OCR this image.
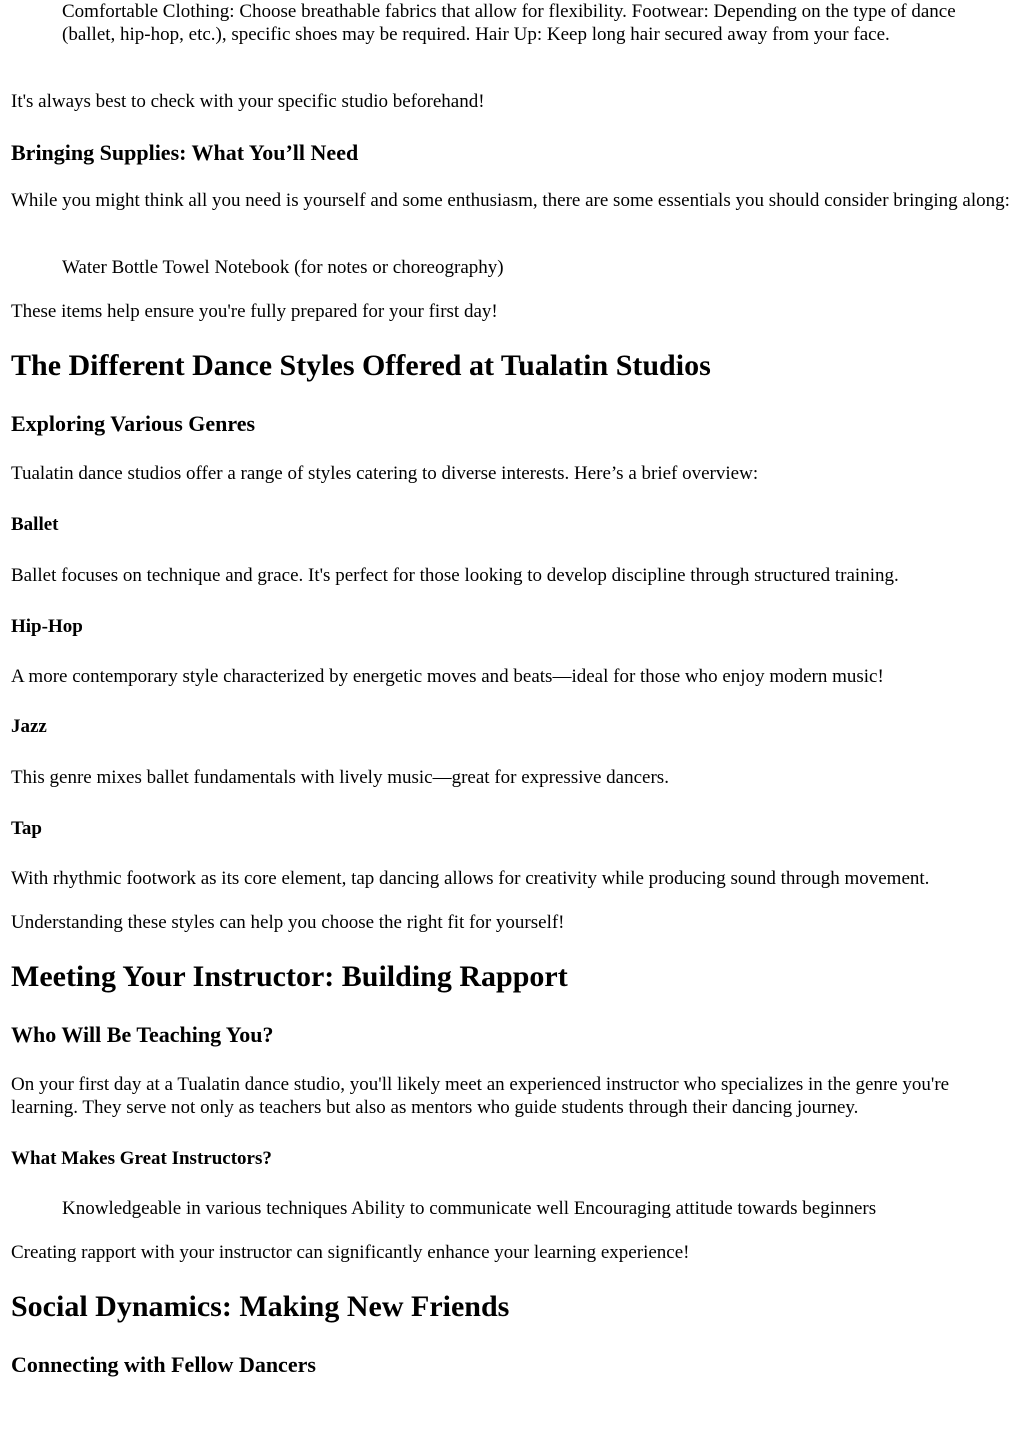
Comfortable Clothing: Choose breathable fabrics that allow for flexibility. Footwear: Depending on the type of dance (ballet, hip-hop, etc.), specific shoes may be required. Hair Up: Keep long hair secured away from your face.

It's always best to check with your specific studio beforehand!

Bringing Supplies: What You’ll Need

While you might think all you need is yourself and some enthusiasm, there are some essentials you should consider bringing along:

Water Bottle Towel Notebook (for notes or choreography)

These items help ensure you're fully prepared for your first day!

The Different Dance Styles Offered at Tualatin Studios
Exploring Various Genres

Tualatin dance studios offer a range of styles catering to diverse interests. Here’s a brief overview:

Ballet

Ballet focuses on technique and grace. It's perfect for those looking to develop discipline through structured training.

Hip-Hop

A more contemporary style characterized by energetic moves and beats—ideal for those who enjoy modern music!

Jazz

This genre mixes ballet fundamentals with lively music—great for expressive dancers.

Tap

With rhythmic footwork as its core element, tap dancing allows for creativity while producing sound through movement.

Understanding these styles can help you choose the right fit for yourself!

Meeting Your Instructor: Building Rapport
Who Will Be Teaching You?

On your first day at a Tualatin dance studio, you'll likely meet an experienced instructor who specializes in the genre you're learning. They serve not only as teachers but also as mentors who guide students through their dancing journey.

What Makes Great Instructors?

Knowledgeable in various techniques Ability to communicate well Encouraging attitude towards beginners

Creating rapport with your instructor can significantly enhance your learning experience!

Social Dynamics: Making New Friends
Connecting with Fellow Dancers
